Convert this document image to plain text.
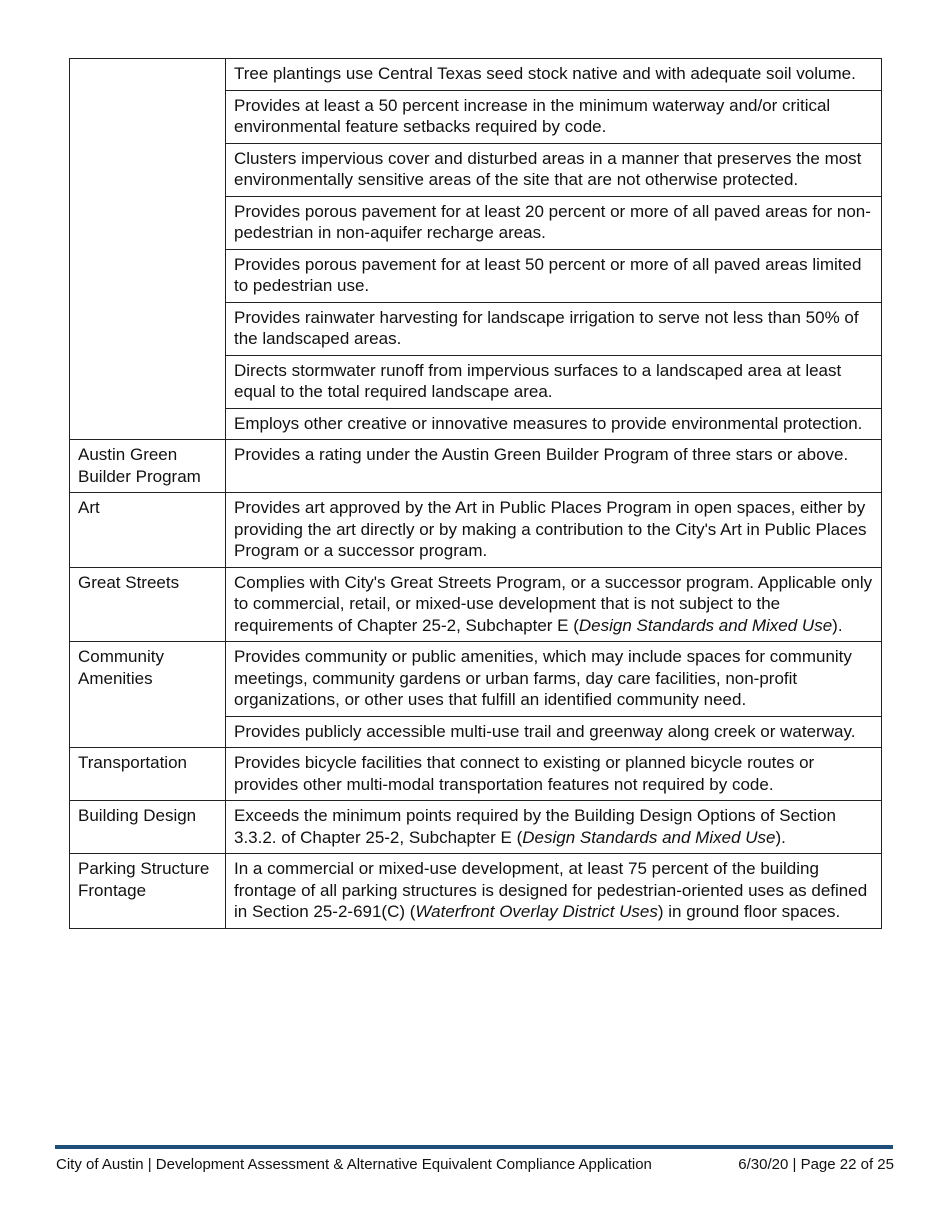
	Tree plantings use Central Texas seed stock native and with adequate soil volume.
	Provides at least a 50 percent increase in the minimum waterway and/or critical environmental feature setbacks required by code.
	Clusters impervious cover and disturbed areas in a manner that preserves the most environmentally sensitive areas of the site that are not otherwise protected.
	Provides porous pavement for at least 20 percent or more of all paved areas for non-pedestrian in non-aquifer recharge areas.
	Provides porous pavement for at least 50 percent or more of all paved areas limited to pedestrian use.
	Provides rainwater harvesting for landscape irrigation to serve not less than 50% of the landscaped areas.
	Directs stormwater runoff from impervious surfaces to a landscaped area at least equal to the total required landscape area.
	Employs other creative or innovative measures to provide environmental protection.
Austin Green Builder Program	Provides a rating under the Austin Green Builder Program of three stars or above.
Art	Provides art approved by the Art in Public Places Program in open spaces, either by providing the art directly or by making a contribution to the City's Art in Public Places Program or a successor program.
Great Streets	Complies with City's Great Streets Program, or a successor program. Applicable only to commercial, retail, or mixed-use development that is not subject to the requirements of Chapter 25-2, Subchapter E (Design Standards and Mixed Use).
Community Amenities	Provides community or public amenities, which may include spaces for community meetings, community gardens or urban farms, day care facilities, non-profit organizations, or other uses that fulfill an identified community need.
	Provides publicly accessible multi-use trail and greenway along creek or waterway.
Transportation	Provides bicycle facilities that connect to existing or planned bicycle routes or provides other multi-modal transportation features not required by code.
Building Design	Exceeds the minimum points required by the Building Design Options of Section 3.3.2. of Chapter 25-2, Subchapter E (Design Standards and Mixed Use).
Parking Structure Frontage	In a commercial or mixed-use development, at least 75 percent of the building frontage of all parking structures is designed for pedestrian-oriented uses as defined in Section 25-2-691(C) (Waterfront Overlay District Uses) in ground floor spaces.
City of Austin | Development Assessment & Alternative Equivalent Compliance Application	6/30/20 | Page 22 of 25
